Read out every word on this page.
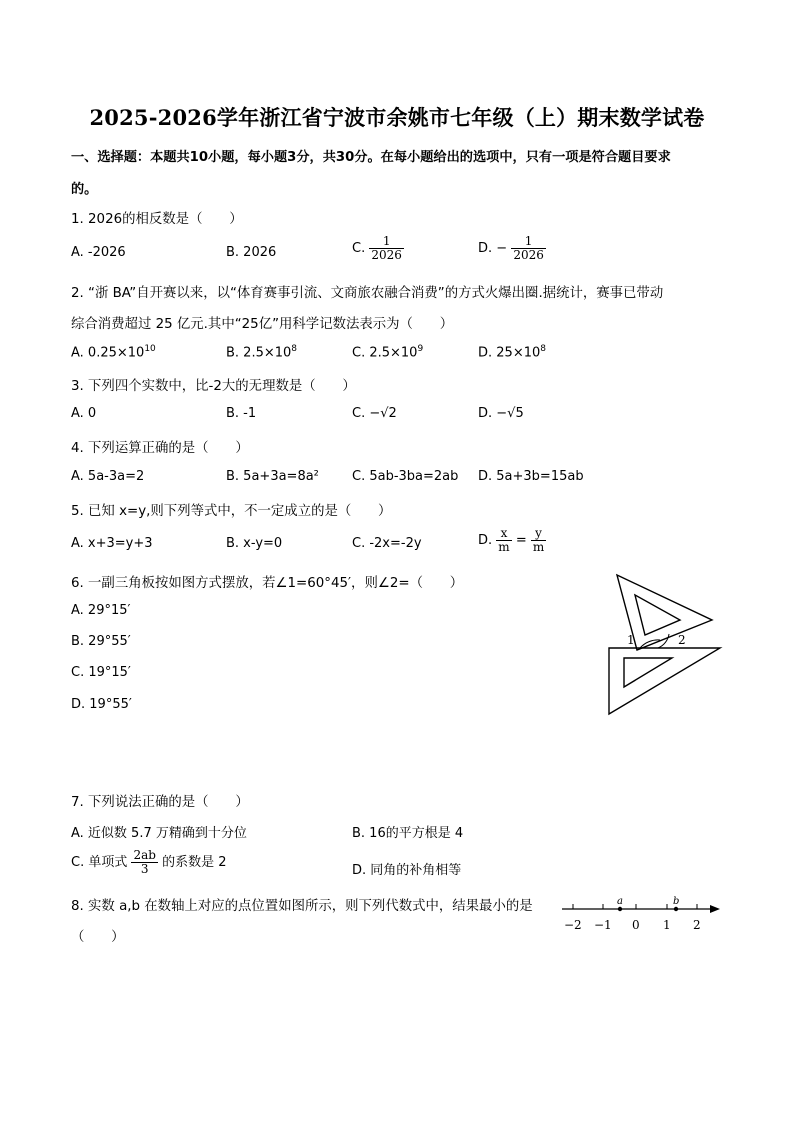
2025-2026学年浙江省宁波市余姚市七年级（上）期末数学试卷
一、选择题：本题共10小题，每小题3分，共30分。在每小题给出的选项中，只有一项是符合题目要求
的。
1. 2026的相反数是（　　）
A. -2026	B. 2026	C. $\frac{1}{2026}$	D. − $\frac{1}{2026}$
2. “浙 BA”自开赛以来，以“体育赛事引流、文商旅农融合消费”的方式火爆出圈.据统计，赛事已带动
综合消费超过 25 亿元.其中“25亿”用科学记数法表示为（　　）
A. $0.25\times 10^{10}$	B. $2.5\times 10^8$	C. $2.5\times 10^9$	D. $25\times 10^8$
3. 下列四个实数中，比-2大的无理数是（　　）
A. 0	B. -1	C. −√2	D. −√5
4. 下列运算正确的是（　　）
A. 5a-3a=2	B. 5a+3a=8a²	C. 5ab-3ba=2ab D. 5a+3b=15ab
5. 已知 x=y,则下列等式中，不一定成立的是（　　）
A. x+3=y+3	B. x-y=0	C. -2x=-2y	D. $\frac{x}{m} = \frac{y}{m}$
6. 一副三角板按如图方式摆放，若∠1=60°45′，则∠2=（　　）
A. 29°15′
B. 29°55′
C. 19°15′
D. 19°55′
1	2
7. 下列说法正确的是（　　）
A. 近似数 5.7 万精确到十分位	B. 16的平方根是 4
C. 单项式 $\frac{2ab}{3}$ 的系数是 2
D. 同角的补角相等
8. 实数 a,b 在数轴上对应的点位置如图所示，则下列代数式中，结果最小的是
（　　）
a	b
−2 −1 0 1 2
